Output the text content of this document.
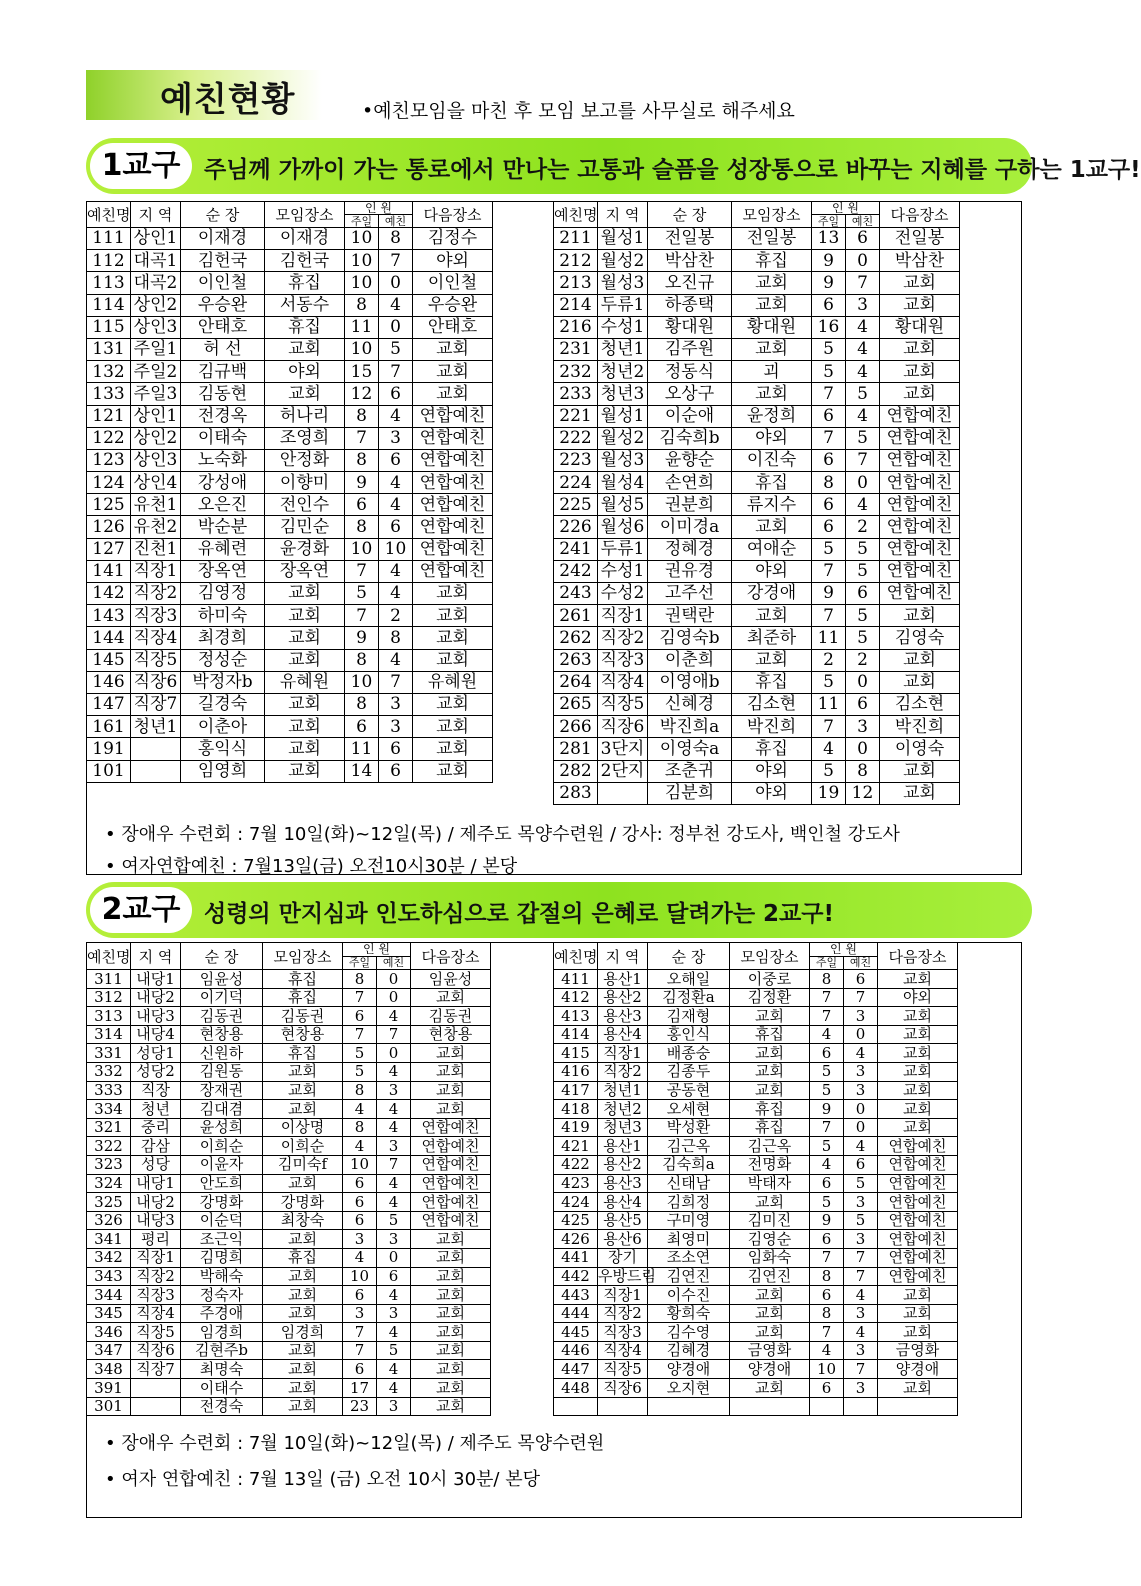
예친현황	•예친모임을 마친 후 모임 보고를 사무실로 해주세요
1교구	주님께 가까이 가는 통로에서 만나는 고통과 슬픔을 성장통으로 바꾸는 지혜를 구하는 1교구!
• 장애우 수련회 : 7월 10일(화)~12일(목) / 제주도 목양수련원 / 강사: 정부천 강도사, 백인철 강도사
• 여자연합예친 : 7월13일(금) 오전10시30분 / 본당
예친명	지 역	순 장	모임장소	인 원		다음장소
				주일	예친	
111	상인1	이재경	이재경	10	8	김정수
112	대곡1	김헌국	김헌국	10	7	야외
113	대곡2	이인철	휴집	10	0	이인철
114	상인2	우승완	서동수	8	4	우승완
115	상인3	안태호	휴집	11	0	안태호
131	주일1	허 선	교회	10	5	교회
132	주일2	김규백	야외	15	7	교회
133	주일3	김동현	교회	12	6	교회
121	상인1	전경옥	허나리	8	4	연합예친
122	상인2	이태숙	조영희	7	3	연합예친
123	상인3	노숙화	안정화	8	6	연합예친
124	상인4	강성애	이향미	9	4	연합예친
125	유천1	오은진	전인수	6	4	연합예친
126	유천2	박순분	김민순	8	6	연합예친
127	진천1	유혜련	윤경화	10	10	연합예친
141	직장1	장옥연	장옥연	7	4	연합예친
142	직장2	김영정	교회	5	4	교회
143	직장3	하미숙	교회	7	2	교회
144	직장4	최경희	교회	9	8	교회
145	직장5	정성순	교회	8	4	교회
146	직장6	박정자b	유혜원	10	7	유혜원
147	직장7	길경숙	교회	8	3	교회
161	청년1	이춘아	교회	6	3	교회
191		홍익식	교회	11	6	교회
101		임영희	교회	14	6	교회
예친명	지 역	순 장	모임장소	인 원		다음장소
				주일	예친	
211	월성1	전일봉	전일봉	13	6	전일봉
212	월성2	박삼찬	휴집	9	0	박삼찬
213	월성3	오진규	교회	9	7	교회
214	두류1	하종택	교회	6	3	교회
216	수성1	황대원	황대원	16	4	황대원
231	청년1	김주원	교회	5	4	교회
232	청년2	정동식	괴	5	4	교회
233	청년3	오상구	교회	7	5	교회
221	월성1	이순애	윤정희	6	4	연합예친
222	월성2	김숙희b	야외	7	5	연합예친
223	월성3	윤향순	이진숙	6	7	연합예친
224	월성4	손연희	휴집	8	0	연합예친
225	월성5	권분희	류지수	6	4	연합예친
226	월성6	이미경a	교회	6	2	연합예친
241	두류1	정혜경	여애순	5	5	연합예친
242	수성1	권유경	야외	7	5	연합예친
243	수성2	고주선	강경애	9	6	연합예친
261	직장1	권택란	교회	7	5	교회
262	직장2	김영숙b	최준하	11	5	김영숙
263	직장3	이춘희	교회	2	2	교회
264	직장4	이영애b	휴집	5	0	교회
265	직장5	신혜경	김소현	11	6	김소현
266	직장6	박진희a	박진희	7	3	박진희
281	3단지	이영숙a	휴집	4	0	이영숙
282	2단지	조춘귀	야외	5	8	교회
283		김분희	야외	19	12	교회
2교구	성령의 만지심과 인도하심으로 갑절의 은혜로 달려가는 2교구!
• 장애우 수련회 : 7월 10일(화)~12일(목) / 제주도 목양수련원
• 여자 연합예친 : 7월 13일 (금) 오전 10시 30분/ 본당
예친명	지 역	순 장	모임장소	인 원		다음장소
				주일	예친	
311	내당1	임윤성	휴집	8	0	임윤성
312	내당2	이기덕	휴집	7	0	교회
313	내당3	김동권	김동권	6	4	김동권
314	내당4	현창용	현창용	7	7	현창용
331	성당1	신원하	휴집	5	0	교회
332	성당2	김원동	교회	5	4	교회
333	직장	장재권	교회	8	3	교회
334	청년	김대겸	교회	4	4	교회
321	중리	윤성희	이상명	8	4	연합예친
322	감삼	이희순	이희순	4	3	연합예친
323	성당	이윤자	김미숙f	10	7	연합예친
324	내당1	안도희	교회	6	4	연합예친
325	내당2	강명화	강명화	6	4	연합예친
326	내당3	이순덕	최창숙	6	5	연합예친
341	평리	조근익	교회	3	3	교회
342	직장1	김명희	휴집	4	0	교회
343	직장2	박해숙	교회	10	6	교회
344	직장3	정숙자	교회	6	4	교회
345	직장4	주경애	교회	3	3	교회
346	직장5	임경희	임경희	7	4	교회
347	직장6	김현주b	교회	7	5	교회
348	직장7	최명숙	교회	6	4	교회
391		이태수	교회	17	4	교회
301		전경숙	교회	23	3	교회
예친명	지 역	순 장	모임장소	인 원		다음장소
				주일	예친	
411	용산1	오해일	이중로	8	6	교회
412	용산2	김정환a	김정환	7	7	야외
413	용산3	김재형	교회	7	3	교회
414	용산4	홍인식	휴집	4	0	교회
415	직장1	배종숭	교회	6	4	교회
416	직장2	김종두	교회	5	3	교회
417	청년1	공동현	교회	5	3	교회
418	청년2	오세현	휴집	9	0	교회
419	청년3	박성환	휴집	7	0	교회
421	용산1	김근옥	김근옥	5	4	연합예친
422	용산2	김숙희a	전명화	4	6	연합예친
423	용산3	신태남	박태자	6	5	연합예친
424	용산4	김희정	교회	5	3	연합예친
425	용산5	구미영	김미진	9	5	연합예친
426	용산6	최영미	김영순	6	3	연합예친
441	장기	조소연	임화숙	7	7	연합예친
442	우방드림	김연진	김연진	8	7	연합예친
443	직장1	이수진	교회	6	4	교회
444	직장2	황희숙	교회	8	3	교회
445	직장3	김수영	교회	7	4	교회
446	직장4	김혜경	금영화	4	3	금영화
447	직장5	양경애	양경애	10	7	양경애
448	직장6	오지현	교회	6	3	교회
